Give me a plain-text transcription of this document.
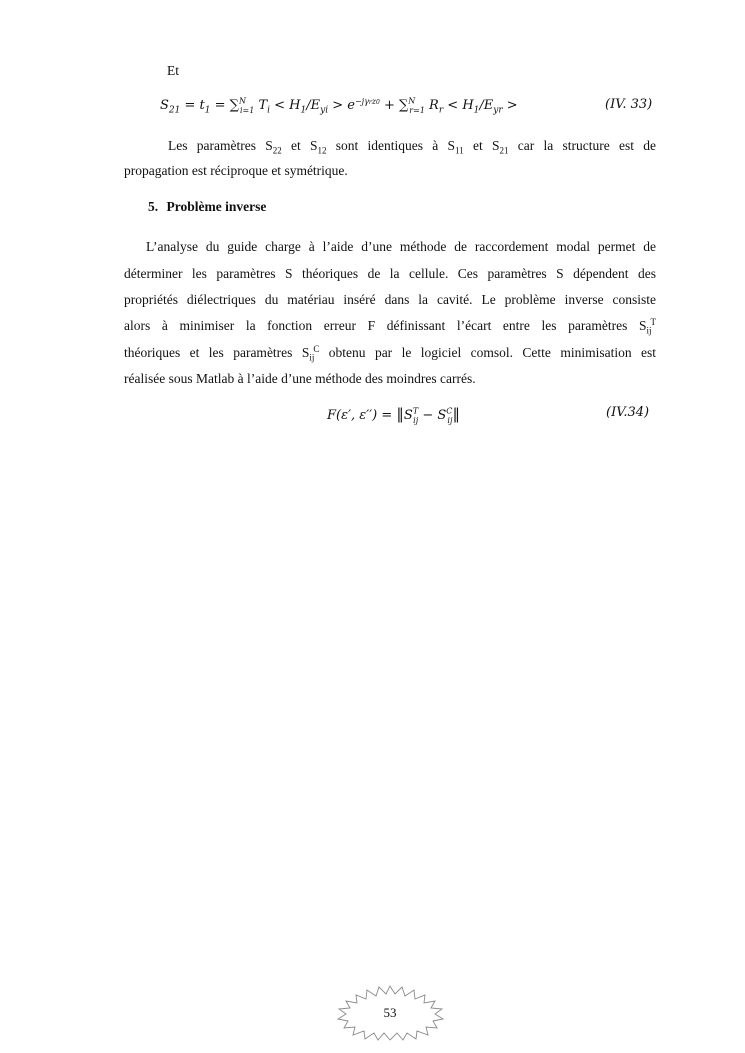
Et
$S_{21} = t_1 = \sum^N_{i=1}$ $T_i < H_1/E_{yi} > e^{-j\gamma rz0} + \sum^N_{r=1}$ $R_r < H_1/E_{yr}$ >	(IV. 33)
Les paramètres $S_{22}$ et $S_{12}$ sont identiques à $S_{11}$ et $S_{21}$ car la structure est de
propagation est réciproque et symétrique.
5. Problème inverse
L’analyse du guide charge à l’aide d’une méthode de raccordement modal permet de
déterminer les paramètres S théoriques de la cellule. Ces paramètres S dépendent des
propriétés diélectriques du matériau inséré dans la cavité. Le problème inverse consiste
alors à minimiser la fonction erreur F définissant l’écart entre les paramètres $S_{ij}^T$
théoriques et les paramètres $S_{ij}^C$ obtenu par le logiciel comsol. Cette minimisation est
réalisée sous Matlab à l’aide d’une méthode des moindres carrés.
F(ε′, $\varepsilon'') = ‖S^T_{ij}$ − $S^C_{ij}‖$	(IV.34)
53
